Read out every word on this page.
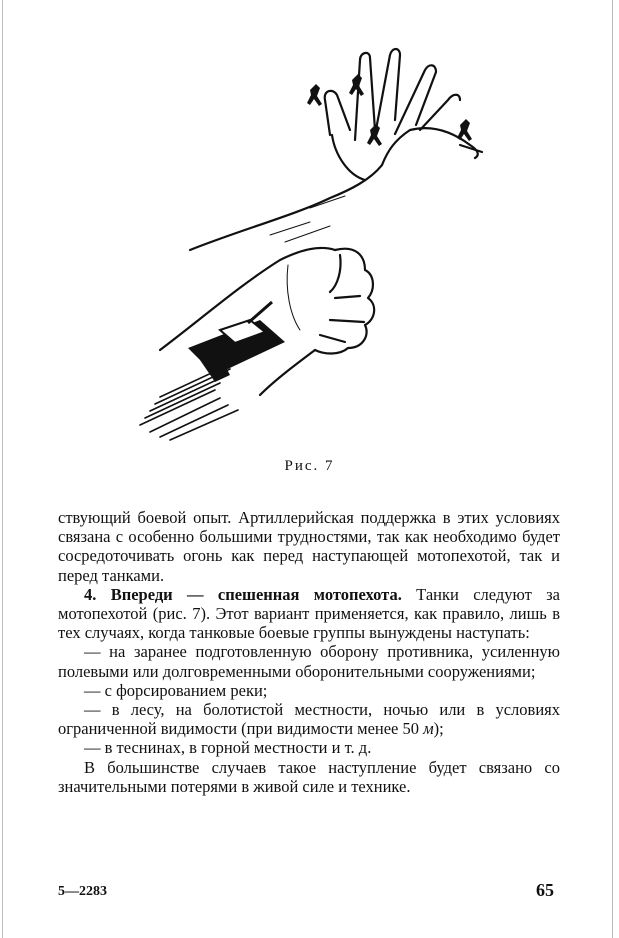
Рис. 7

ствующий боевой опыт. Артиллерийская поддержка в этих условиях связана с особенно большими трудностями, так как необходимо будет сосредоточивать огонь как перед наступающей мотопехотой, так и перед танками.

4. Впереди — спешенная мотопехота. Танки следуют за мотопехотой (рис. 7). Этот вариант применяется, как правило, лишь в тех случаях, когда танковые боевые группы вынуждены наступать:

— на заранее подготовленную оборону противника, усиленную полевыми или долговременными оборонительными сооружениями;

— с форсированием реки;

— в лесу, на болотистой местности, ночью или в условиях ограниченной видимости (при видимости менее 50 м);

— в теснинах, в горной местности и т. д.

В большинстве случаев такое наступление будет связано со значительными потерями в живой силе и технике.

5—2283	65
